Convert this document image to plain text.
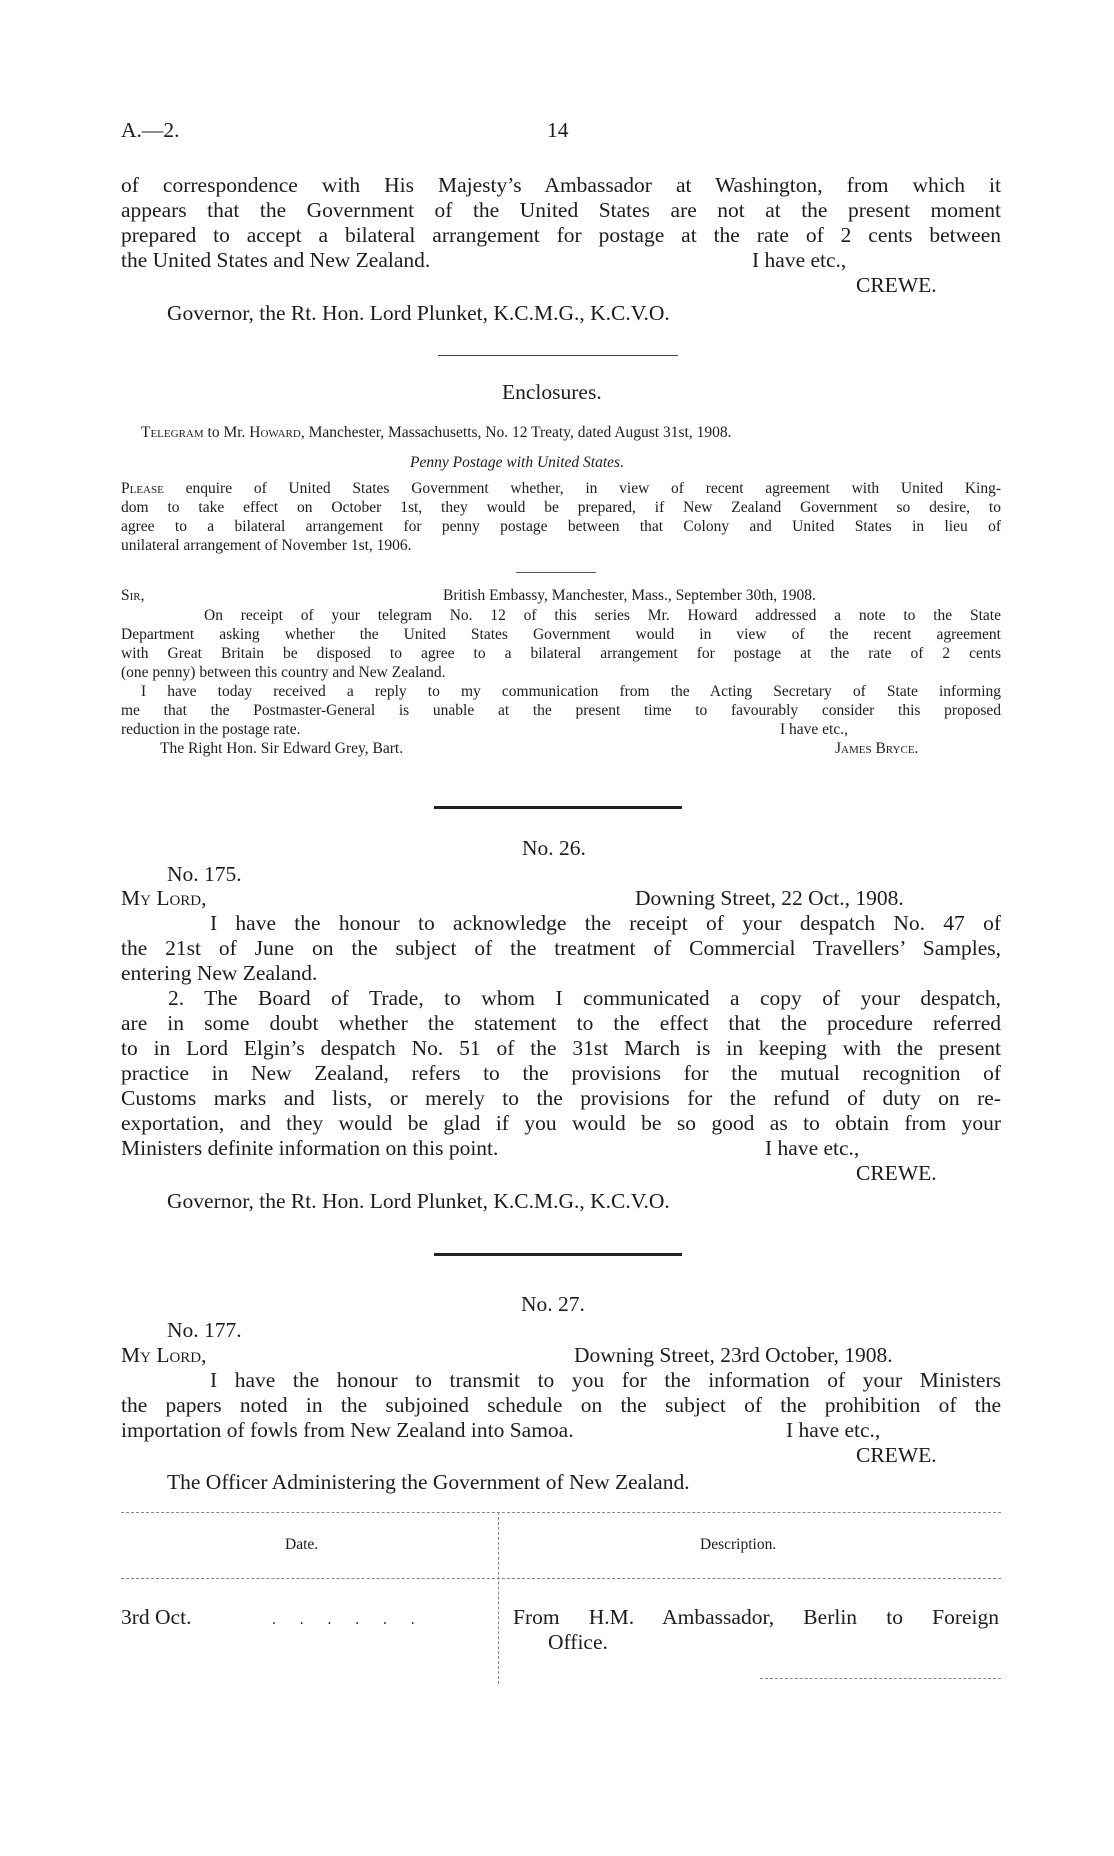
A.—2.	14
of correspondence with His Majesty’s Ambassador at Washington, from which it
appears that the Government of the United States are not at the present moment
prepared to accept a bilateral arrangement for postage at the rate of 2 cents between
the United States and New Zealand.	I have etc.,
CREWE.
Governor, the Rt. Hon. Lord Plunket, K.C.M.G., K.C.V.O.
Enclosures.
Telegram to Mr. Howard, Manchester, Massachusetts, No. 12 Treaty, dated August 31st, 1908.
Penny Postage with United States.
Please enquire of United States Government whether, in view of recent agreement with United King-
dom to take effect on October 1st, they would be prepared, if New Zealand Government so desire, to
agree to a bilateral arrangement for penny postage between that Colony and United States in lieu of
unilateral arrangement of November 1st, 1906.
Sir,	British Embassy, Manchester, Mass., September 30th, 1908.
On receipt of your telegram No. 12 of this series Mr. Howard addressed a note to the State
Department asking whether the United States Government would in view of the recent agreement
with Great Britain be disposed to agree to a bilateral arrangement for postage at the rate of 2 cents
(one penny) between this country and New Zealand.
I have today received a reply to my communication from the Acting Secretary of State informing
me that the Postmaster-General is unable at the present time to favourably consider this proposed
reduction in the postage rate.	I have etc.,
The Right Hon. Sir Edward Grey, Bart.	James Bryce.
No. 26.
No. 175.
My Lord,	Downing Street, 22 Oct., 1908.
I have the honour to acknowledge the receipt of your despatch No. 47 of
the 21st of June on the subject of the treatment of Commercial Travellers’ Samples,
entering New Zealand.
2. The Board of Trade, to whom I communicated a copy of your despatch,
are in some doubt whether the statement to the effect that the procedure referred
to in Lord Elgin’s despatch No. 51 of the 31st March is in keeping with the present
practice in New Zealand, refers to the provisions for the mutual recognition of
Customs marks and lists, or merely to the provisions for the refund of duty on re-
exportation, and they would be glad if you would be so good as to obtain from your
Ministers definite information on this point.	I have etc.,
CREWE.
Governor, the Rt. Hon. Lord Plunket, K.C.M.G., K.C.V.O.
No. 27.
No. 177.
My Lord,	Downing Street, 23rd October, 1908.
I have the honour to transmit to you for the information of your Ministers
the papers noted in the subjoined schedule on the subject of the prohibition of the
importation of fowls from New Zealand into Samoa.	I have etc.,
CREWE.
The Officer Administering the Government of New Zealand.
Date.	Description.
3rd Oct.	. . . . . .	From H.M. Ambassador, Berlin to Foreign
Office.
